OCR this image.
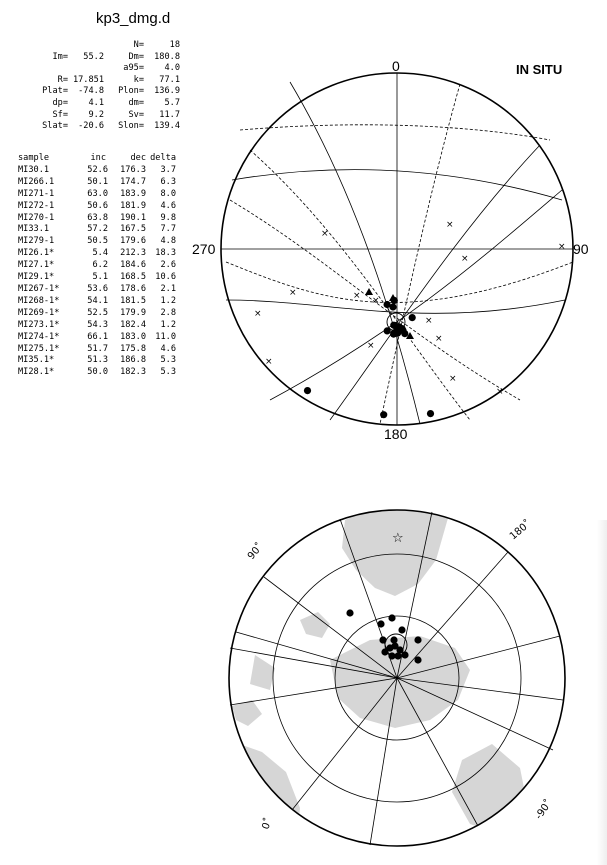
kp3_dmg.d
N=	18
Im= 55.2	Dm= 180.8
a95= 4.0
R= 17.851	k= 77.1
Plat= -74.8	Plon= 136.9
dp= 4.1	dm= 5.7
Sf= 9.2	Sv= 11.7
Slat= -20.6	Slon= 139.4
sample	inc	dec delta
MI30.1	52.6	176.3	3.7
MI266.1	50.1	174.7	6.3
MI271-1	63.0	183.9	8.0
MI272-1	50.6	181.9	4.6
MI270-1	63.8	190.1	9.8
MI33.1	57.2	167.5	7.7
MI279-1	50.5	179.6	4.8
MI26.1*	5.4	212.3	18.3
MI27.1*	6.2	184.6	2.6
MI29.1*	5.1	168.5	10.6
MI267-1*	53.6	178.6	2.1
MI268-1*	54.1	181.5	1.2
MI269-1*	52.5	179.9	2.8
MI273.1*	54.3	182.4	1.2
MI274-1*	66.1	183.0	11.0
MI275.1*	51.7	175.8	4.6
MI35.1*	51.3	186.8	5.3
MI28.1*	50.0	182.3	5.3
IN SITU
0
90
180
270
×
×
×
×
×
×
×
×
×
×
× ×
×
×
☆
90˚
180˚
0˚
-90˚
